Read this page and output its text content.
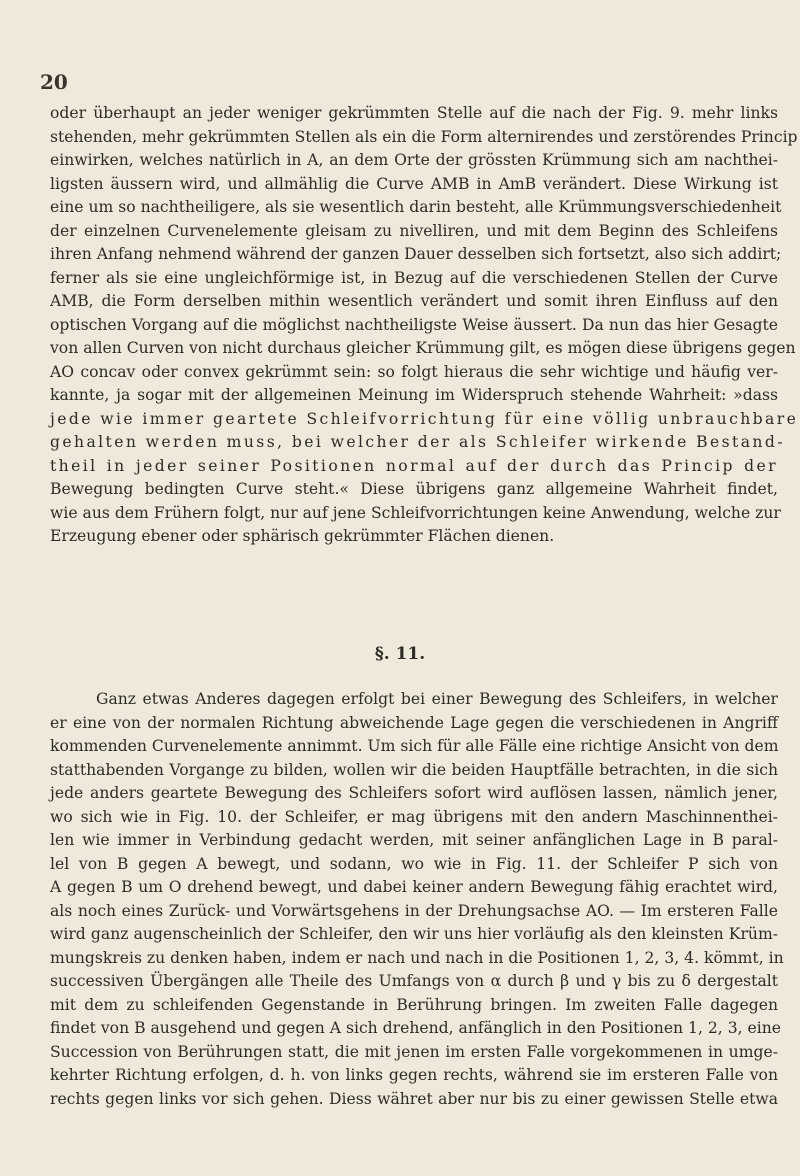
20
oder überhaupt an jeder weniger gekrümmten Stelle auf die nach der Fig. 9. mehr links
stehenden, mehr gekrümmten Stellen als ein die Form alternirendes und zerstörendes Princip
einwirken, welches natürlich in A, an dem Orte der grössten Krümmung sich am nachthei-
ligsten äussern wird, und allmählig die Curve AMB in AmB verändert. Diese Wirkung ist
eine um so nachtheiligere, als sie wesentlich darin besteht, alle Krümmungsverschiedenheit
der einzelnen Curvenelemente gleisam zu nivelliren, und mit dem Beginn des Schleifens
ihren Anfang nehmend während der ganzen Dauer desselben sich fortsetzt, also sich addirt;
ferner als sie eine ungleichförmige ist, in Bezug auf die verschiedenen Stellen der Curve
AMB, die Form derselben mithin wesentlich verändert und somit ihren Einfluss auf den
optischen Vorgang auf die möglichst nachtheiligste Weise äussert. Da nun das hier Gesagte
von allen Curven von nicht durchaus gleicher Krümmung gilt, es mögen diese übrigens gegen
AO concav oder convex gekrümmt sein: so folgt hieraus die sehr wichtige und häufig ver-
kannte, ja sogar mit der allgemeinen Meinung im Widerspruch stehende Wahrheit: »dass
jede wie immer geartete Schleifvorrichtung für eine völlig unbrauchbare
gehalten werden muss, bei welcher der als Schleifer wirkende Bestand-
theil in jeder seiner Positionen normal auf der durch das Princip der
Bewegung bedingten Curve steht.« Diese übrigens ganz allgemeine Wahrheit findet,
wie aus dem Frühern folgt, nur auf jene Schleifvorrichtungen keine Anwendung, welche zur
Erzeugung ebener oder sphärisch gekrümmter Flächen dienen.
§. 11.
Ganz etwas Anderes dagegen erfolgt bei einer Bewegung des Schleifers, in welcher
er eine von der normalen Richtung abweichende Lage gegen die verschiedenen in Angriff
kommenden Curvenelemente annimmt. Um sich für alle Fälle eine richtige Ansicht von dem
statthabenden Vorgange zu bilden, wollen wir die beiden Hauptfälle betrachten, in die sich
jede anders geartete Bewegung des Schleifers sofort wird auflösen lassen, nämlich jener,
wo sich wie in Fig. 10. der Schleifer, er mag übrigens mit den andern Maschinnenthei-
len wie immer in Verbindung gedacht werden, mit seiner anfänglichen Lage in B paral-
lel von B gegen A bewegt, und sodann, wo wie in Fig. 11. der Schleifer P sich von
A gegen B um O drehend bewegt, und dabei keiner andern Bewegung fähig erachtet wird,
als noch eines Zurück- und Vorwärtsgehens in der Drehungsachse AO. — Im ersteren Falle
wird ganz augenscheinlich der Schleifer, den wir uns hier vorläufig als den kleinsten Krüm-
mungskreis zu denken haben, indem er nach und nach in die Positionen 1, 2, 3, 4. kömmt, in
successiven Übergängen alle Theile des Umfangs von α durch β und γ bis zu δ dergestalt
mit dem zu schleifenden Gegenstande in Berührung bringen. Im zweiten Falle dagegen
findet von B ausgehend und gegen A sich drehend, anfänglich in den Positionen 1, 2, 3, eine
Succession von Berührungen statt, die mit jenen im ersten Falle vorgekommenen in umge-
kehrter Richtung erfolgen, d. h. von links gegen rechts, während sie im ersteren Falle von
rechts gegen links vor sich gehen. Diess währet aber nur bis zu einer gewissen Stelle etwa
